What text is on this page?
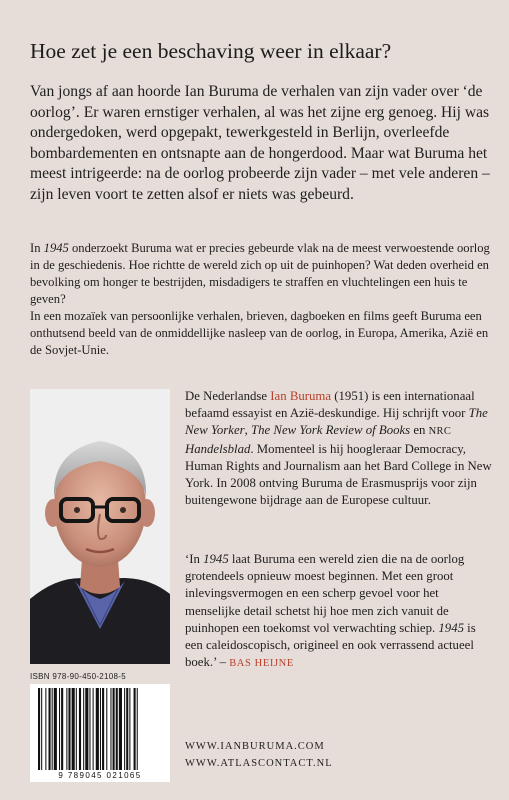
Hoe zet je een beschaving weer in elkaar?
Van jongs af aan hoorde Ian Buruma de verhalen van zijn vader over ‘de oorlog’. Er waren ernstiger verhalen, al was het zijne erg genoeg. Hij was ondergedoken, werd opgepakt, tewerkgesteld in Berlijn, overleefde bombardementen en ontsnapte aan de hongerdood. Maar wat Buruma het meest intrigeerde: na de oorlog probeerde zijn vader – met vele anderen – zijn leven voort te zetten alsof er niets was gebeurd.

In 1945 onderzoekt Buruma wat er precies gebeurde vlak na de meest verwoestende oorlog in de geschiedenis. Hoe richtte de wereld zich op uit de puinhopen? Wat deden overheid en bevolking om honger te bestrijden, misdadigers te straffen en vluchtelingen een huis te geven?

In een mozaïek van persoonlijke verhalen, brieven, dagboeken en films geeft Buruma een onthutsend beeld van de onmiddellijke nasleep van de oorlog, in Europa, Amerika, Azië en de Sovjet-Unie.

De Nederlandse Ian Buruma (1951) is een internationaal befaamd essayist en Azië-deskundige. Hij schrijft voor The New Yorker, The New York Review of Books en NRC Handelsblad. Momenteel is hij hoogleraar Democracy, Human Rights and Journalism aan het Bard College in New York. In 2008 ontving Buruma de Erasmusprijs voor zijn buitengewone bijdrage aan de Europese cultuur.
‘In 1945 laat Buruma een wereld zien die na de oorlog grotendeels opnieuw moest beginnen. Met een groot inlevingsvermogen en een scherp gevoel voor het menselijke detail schetst hij hoe men zich vanuit de puinhopen een toekomst vol verwachting schiep. 1945 is een caleidoscopisch, origineel en ook verrassend actueel boek.’ – BAS HEIJNE
ISBN 978-90-450-2108-5
9 789045 021065
WWW.IANBURUMA.COM
WWW.ATLASCONTACT.NL
